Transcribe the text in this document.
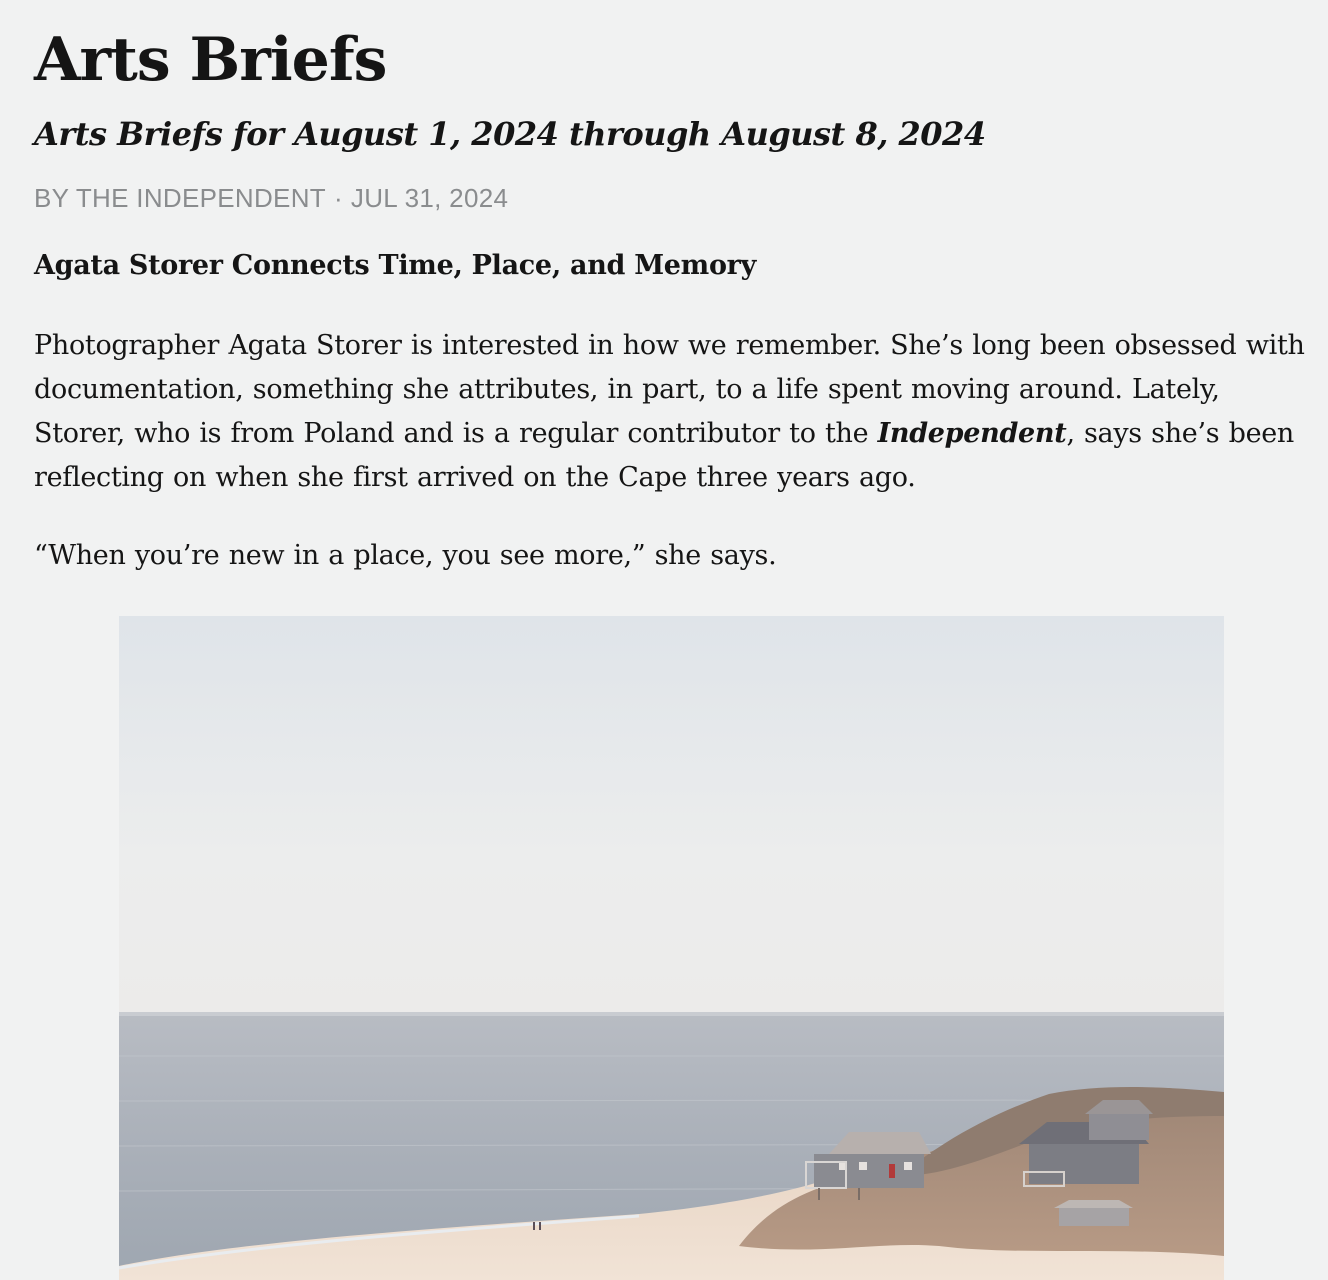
Arts Briefs
Arts Briefs for August 1, 2024 through August 8, 2024
BY THE INDEPENDENT · JUL 31, 2024
Agata Storer Connects Time, Place, and Memory

Photographer Agata Storer is interested in how we remember. She’s long been obsessed with documentation, something she attributes, in part, to a life spent moving around. Lately, Storer, who is from Poland and is a regular contributor to the Independent, says she’s been reflecting on when she first arrived on the Cape three years ago.

“When you’re new in a place, you see more,” she says.
